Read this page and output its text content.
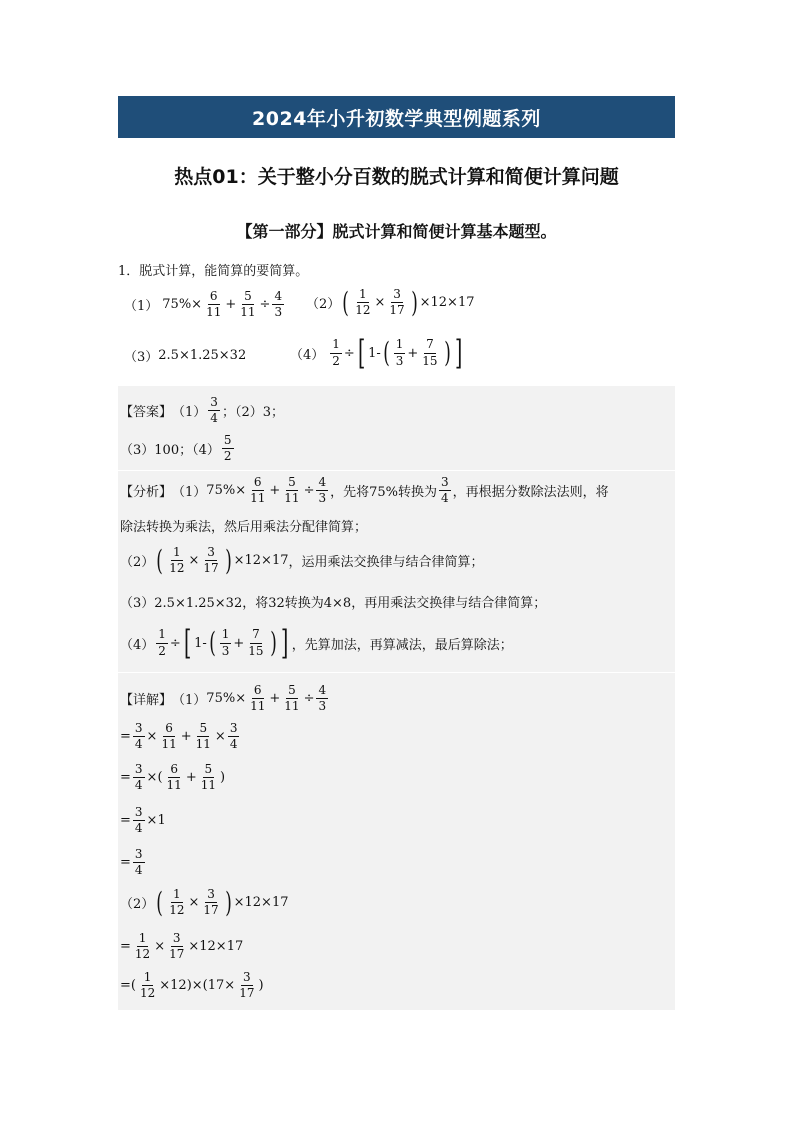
2024年小升初数学典型例题系列
热点01：关于整小分百数的脱式计算和简便计算问题
【第一部分】脱式计算和简便计算基本题型。
1．脱式计算，能简算的要简算。
（1） $75\%\times \frac{6}{11} + \frac{5}{11} \div \frac{4}{3} (2)$ ( $\frac{1}{12} \times \frac{3}{17}$ ) ×12×17
（3） 2.5×1.25×32	$(4) \frac{1}{2}$ ÷ [ 1- ( $\frac{1}{3} + \frac{7}{15}$ ) ]
【答案】 $(1) \frac{3}{4}$ ；（2）3；
（3）100；$(4) \frac{5}{2}$
【分析】 （1） $75\%\times \frac{6}{11} + \frac{5}{11} \div \frac{4}{3}$ ，先将75%转换为 $\frac{3}{4}$ ，再根据分数除法法则，将
除法转换为乘法，然后用乘法分配律简算；
（2） ( $\frac{1}{12} \times \frac{3}{17}$ ) ×12×17 ，运用乘法交换律与结合律简算；
（3）2.5×1.25×32，将32转换为4×8，再用乘法交换律与结合律简算；
$(4) \frac{1}{2}$ ÷ [ 1- ( $\frac{1}{3} + \frac{7}{15}$ ) ] ，先算加法，再算减法，最后算除法；
【详解】 （1） $75\%\times \frac{6}{11} + \frac{5}{11} \div \frac{4}{3}$
= $\frac{3}{4} \times \frac{6}{11} + \frac{5}{11} \times \frac{3}{4}$
= $\frac{3}{4}$ × ( $\frac{6}{11} + \frac{5}{11}$ )
= $\frac{3}{4} \times 1$
= $\frac{3}{4}$
（2） ( $\frac{1}{12} \times \frac{3}{17}$ ) ×12×17
= $\frac{1}{12} \times \frac{3}{17} \times 12\times 17$
= ( $\frac{1}{12} \times 12) \times(17\times \frac{3}{17}$ )
